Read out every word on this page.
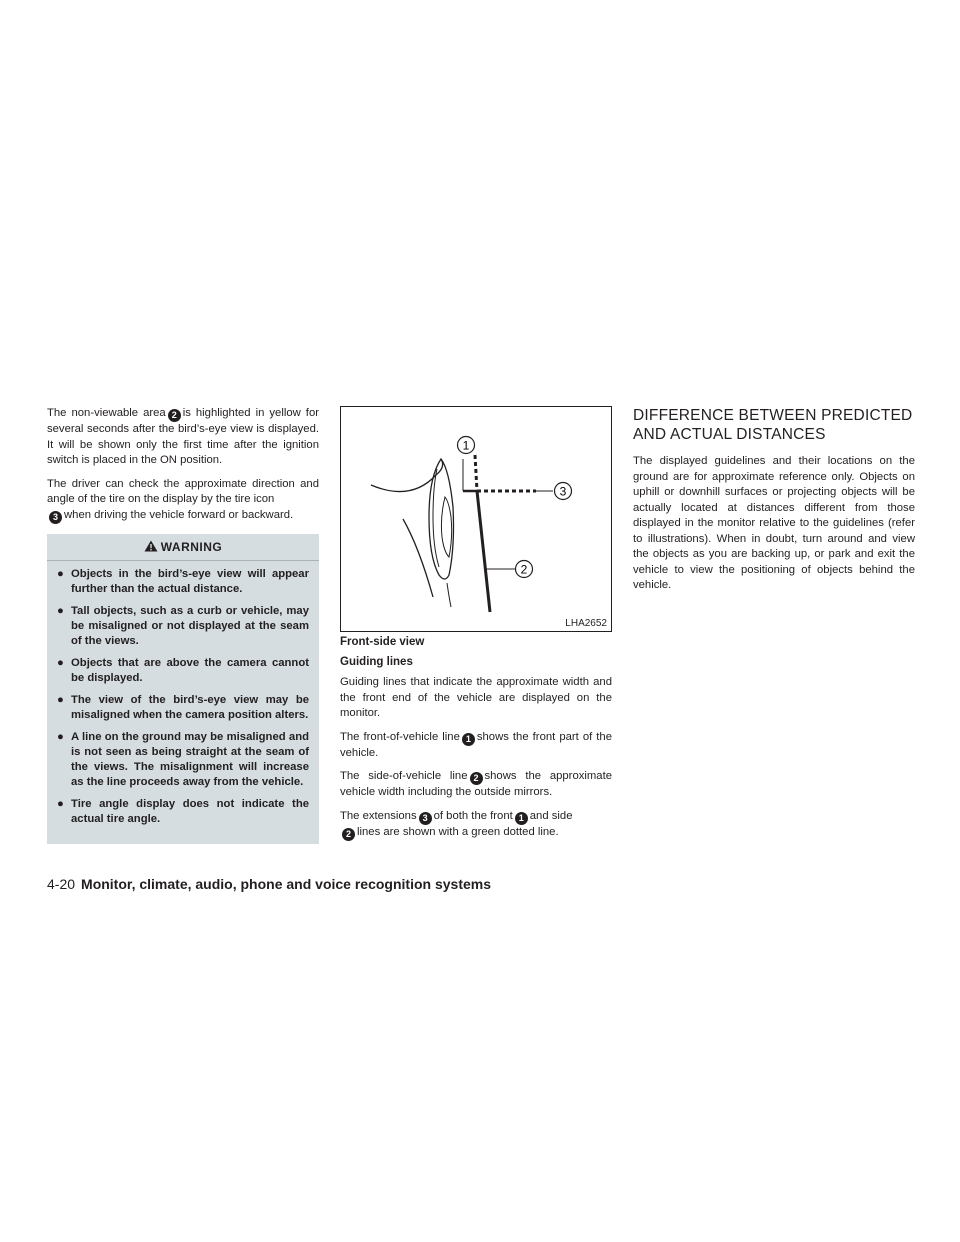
The non-viewable area 2 is highlighted in yellow for several seconds after the bird’s-eye view is displayed. It will be shown only the first time after the ignition switch is placed in the ON position.

The driver can check the approximate direction and angle of the tire on the display by the tire icon
3 when driving the vehicle forward or backward.

WARNING
● Objects in the bird’s-eye view will appear further than the actual distance.
● Tall objects, such as a curb or vehicle, may be misaligned or not displayed at the seam of the views.
● Objects that are above the camera cannot be displayed.
● The view of the bird’s-eye view may be misaligned when the camera position alters.
● A line on the ground may be misaligned and is not seen as being straight at the seam of the views. The misalignment will increase as the line proceeds away from the vehicle.
● Tire angle display does not indicate the actual tire angle.
1
2
3
LHA2652
Front-side view
Guiding lines

Guiding lines that indicate the approximate width and the front end of the vehicle are displayed on the monitor.

The front-of-vehicle line 1 shows the front part of the vehicle.

The side-of-vehicle line 2 shows the approximate vehicle width including the outside mirrors.

The extensions 3 of both the front 1 and side
2 lines are shown with a green dotted line.

DIFFERENCE BETWEEN PREDICTED AND ACTUAL DISTANCES

The displayed guidelines and their locations on the ground are for approximate reference only. Objects on uphill or downhill surfaces or projecting objects will be actually located at distances different from those displayed in the monitor relative to the guidelines (refer to illustrations). When in doubt, turn around and view the objects as you are backing up, or park and exit the vehicle to view the positioning of objects behind the vehicle.

4-20 Monitor, climate, audio, phone and voice recognition systems
